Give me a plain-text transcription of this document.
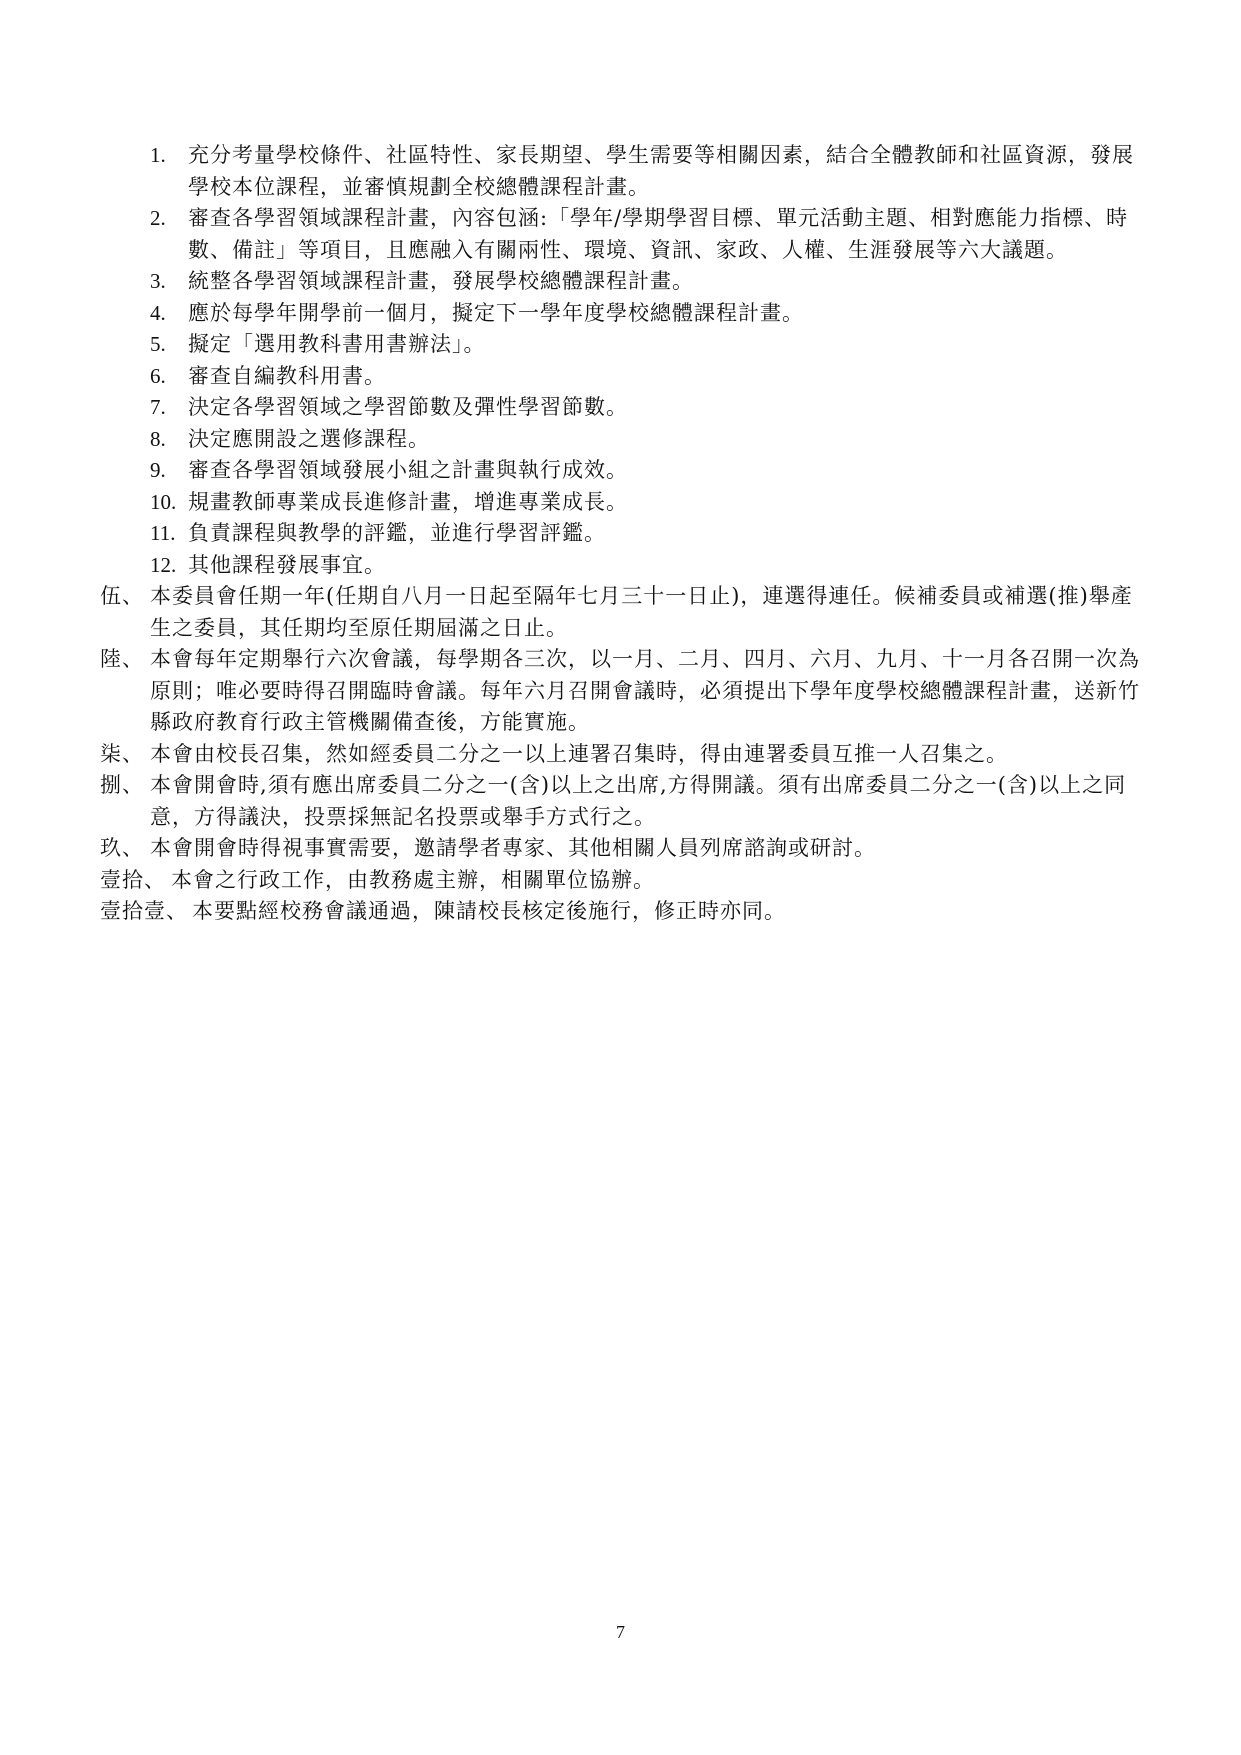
1.	充分考量學校條件、社區特性、家長期望、學生需要等相關因素，結合全體教師和社區資源，發展學校本位課程，並審慎規劃全校總體課程計畫。
2.	審查各學習領域課程計畫，內容包涵:「學年/學期學習目標、單元活動主題、相對應能力指標、時數、備註」等項目，且應融入有關兩性、環境、資訊、家政、人權、生涯發展等六大議題。
3.	統整各學習領域課程計畫，發展學校總體課程計畫。
4.	應於每學年開學前一個月，擬定下一學年度學校總體課程計畫。
5.	擬定「選用教科書用書辦法」。
6.	審查自編教科用書。
7.	決定各學習領域之學習節數及彈性學習節數。
8.	決定應開設之選修課程。
9.	審查各學習領域發展小組之計畫與執行成效。
10. 規畫教師專業成長進修計畫，增進專業成長。
11. 負責課程與教學的評鑑，並進行學習評鑑。
12. 其他課程發展事宜。
伍、 本委員會任期一年(任期自八月一日起至隔年七月三十一日止)，連選得連任。候補委員或補選(推)舉產生之委員，其任期均至原任期屆滿之日止。
陸、 本會每年定期舉行六次會議，每學期各三次，以一月、二月、四月、六月、九月、十一月各召開一次為原則；唯必要時得召開臨時會議。每年六月召開會議時，必須提出下學年度學校總體課程計畫，送新竹縣政府教育行政主管機關備查後，方能實施。
柒、 本會由校長召集，然如經委員二分之一以上連署召集時，得由連署委員互推一人召集之。
捌、 本會開會時,須有應出席委員二分之一(含)以上之出席,方得開議。須有出席委員二分之一(含)以上之同意，方得議決，投票採無記名投票或舉手方式行之。
玖、 本會開會時得視事實需要，邀請學者專家、其他相關人員列席諮詢或研討。
壹拾、 本會之行政工作，由教務處主辦，相關單位協辦。
壹拾壹、 本要點經校務會議通過，陳請校長核定後施行，修正時亦同。
7
